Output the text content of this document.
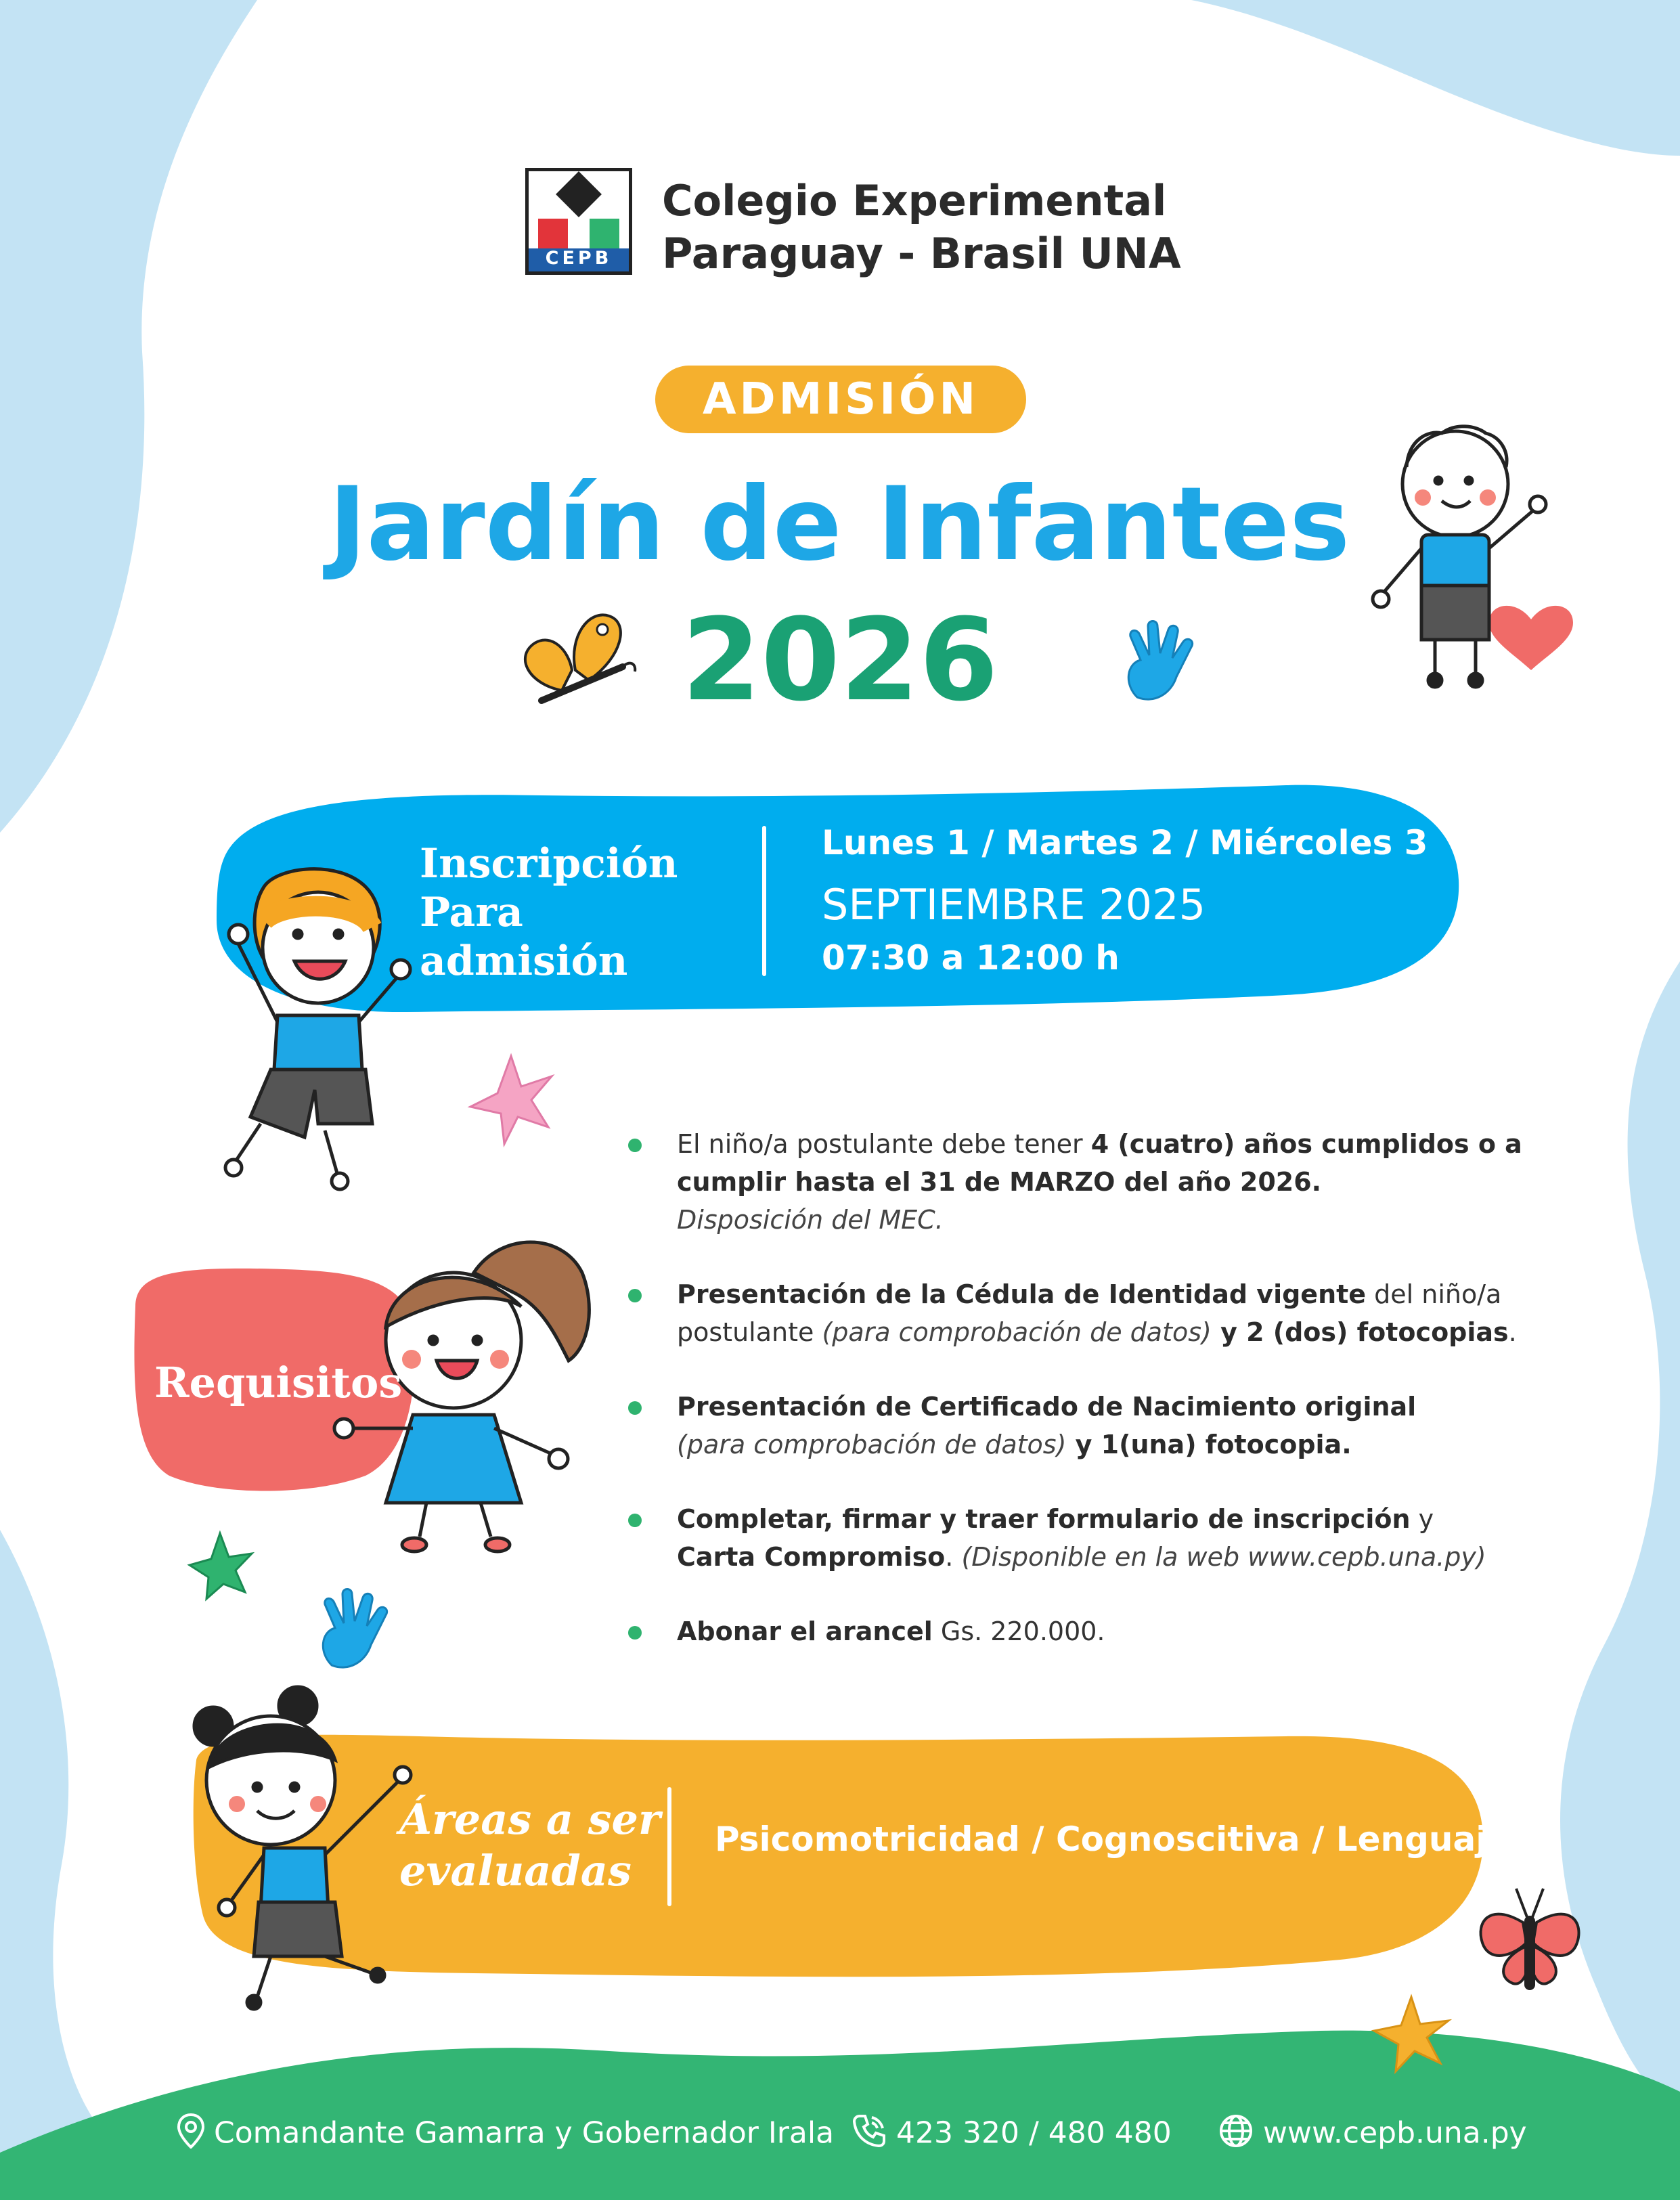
CEPB
Colegio Experimental
Paraguay - Brasil UNA
ADMISIÓN
Jardín de Infantes
2026
Inscripción
Para admisión
Lunes 1 / Martes 2 / Miércoles 3
SEPTIEMBRE 2025
07:30 a 12:00 h
Requisitos
El niño/a postulante debe tener 4 (cuatro) años cumplidos o a cumplir hasta el 31 de MARZO del año 2026.
Disposición del MEC.
Presentación de la Cédula de Identidad vigente del niño/a postulante (para comprobación de datos) y 2 (dos) fotocopias.
Presentación de Certificado de Nacimiento original
(para comprobación de datos) y 1(una) fotocopia.
Completar, firmar y traer formulario de inscripción y
Carta Compromiso. (Disponible en la web www.cepb.una.py)
Abonar el arancel Gs. 220.000.
Áreas a ser
evaluadas
Psicomotricidad / Cognoscitiva / Lenguaje.
Comandante Gamarra y Gobernador Irala	423 320 / 480 480	www.cepb.una.py
